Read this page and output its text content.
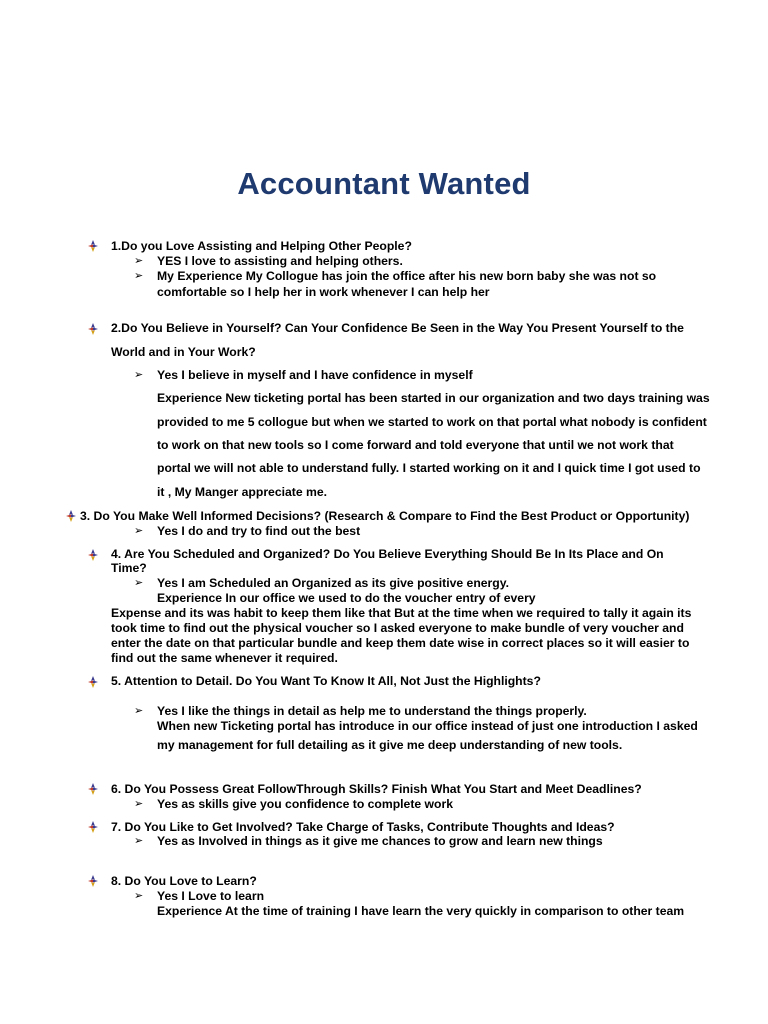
Accountant Wanted
1.Do you Love Assisting and Helping Other People?
➢ YES I love to assisting and helping others.
➢ My Experience My Collogue has join the office after his new born baby she was not so
comfortable so I help her in work whenever I can help her
2.Do You Believe in Yourself? Can Your Confidence Be Seen in the Way You Present Yourself to the
World and in Your Work?
➢ Yes I believe in myself and I have confidence in myself
Experience New ticketing portal has been started in our organization and two days training was
provided to me 5 collogue but when we started to work on that portal what nobody is confident
to work on that new tools so I come forward and told everyone that until we not work that
portal we will not able to understand fully. I started working on it and I quick time I got used to
it , My Manger appreciate me.
3. Do You Make Well Informed Decisions? (Research & Compare to Find the Best Product or Opportunity)
➢ Yes I do and try to find out the best
4. Are You Scheduled and Organized? Do You Believe Everything Should Be In Its Place and On
Time?
➢ Yes I am Scheduled an Organized as its give positive energy.
Experience In our office we used to do the voucher entry of every
Expense and its was habit to keep them like that But at the time when we required to tally it again its
took time to find out the physical voucher so I asked everyone to make bundle of very voucher and
enter the date on that particular bundle and keep them date wise in correct places so it will easier to
find out the same whenever it required.
5. Attention to Detail. Do You Want To Know It All, Not Just the Highlights?
➢ Yes I like the things in detail as help me to understand the things properly.
When new Ticketing portal has introduce in our office instead of just one introduction I asked
my management for full detailing as it give me deep understanding of new tools.
6. Do You Possess Great FollowThrough Skills? Finish What You Start and Meet Deadlines?
➢ Yes as skills give you confidence to complete work
7. Do You Like to Get Involved? Take Charge of Tasks, Contribute Thoughts and Ideas?
➢ Yes as Involved in things as it give me chances to grow and learn new things
8. Do You Love to Learn?
➢ Yes I Love to learn
Experience At the time of training I have learn the very quickly in comparison to other team
